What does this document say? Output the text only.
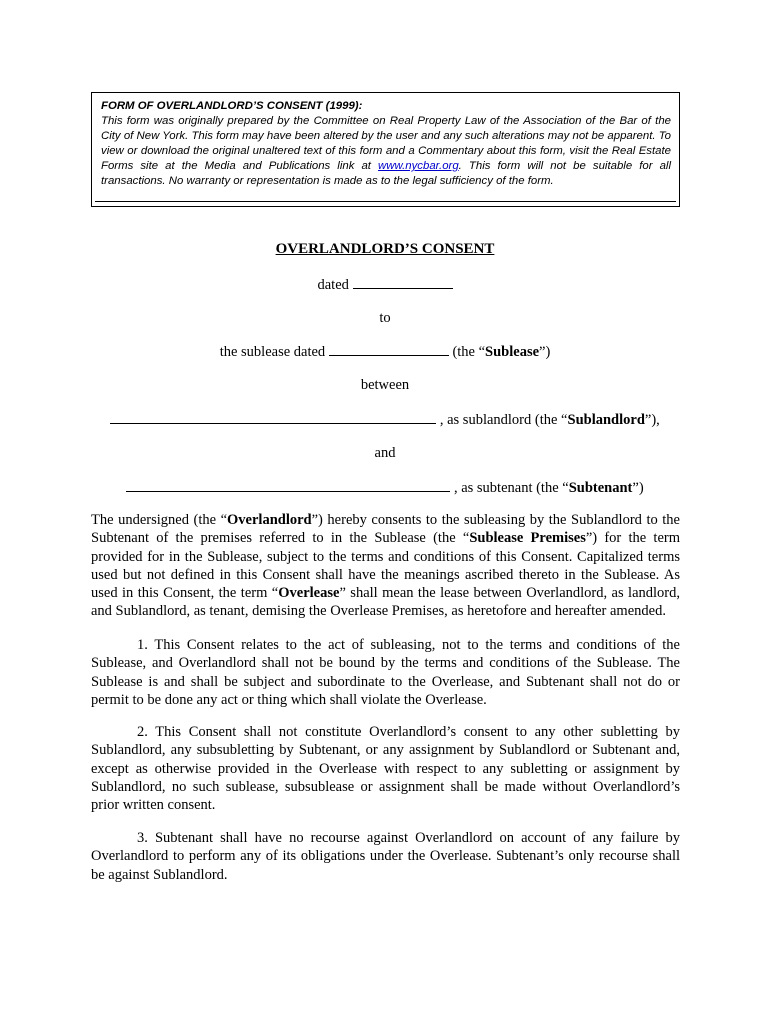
FORM OF OVERLANDLORD’S CONSENT (1999):
This form was originally prepared by the Committee on Real Property Law of the Association of the Bar of the City of New York. This form may have been altered by the user and any such alterations may not be apparent. To view or download the original unaltered text of this form and a Commentary about this form, visit the Real Estate Forms site at the Media and Publications link at www.nycbar.org. This form will not be suitable for all transactions. No warranty or representation is made as to the legal sufficiency of the form.
OVERLANDLORD’S CONSENT
dated
to
the sublease dated	(the “Sublease”)
between
, as sublandlord (the “Sublandlord”),
and
, as subtenant (the “Subtenant”)
The undersigned (the “Overlandlord”) hereby consents to the subleasing by the Sublandlord to the Subtenant of the premises referred to in the Sublease (the “Sublease Premises”) for the term provided for in the Sublease, subject to the terms and conditions of this Consent. Capitalized terms used but not defined in this Consent shall have the meanings ascribed thereto in the Sublease. As used in this Consent, the term “Overlease” shall mean the lease between Overlandlord, as landlord, and Sublandlord, as tenant, demising the Overlease Premises, as heretofore and hereafter amended.
1. This Consent relates to the act of subleasing, not to the terms and conditions of the Sublease, and Overlandlord shall not be bound by the terms and conditions of the Sublease. The Sublease is and shall be subject and subordinate to the Overlease, and Subtenant shall not do or permit to be done any act or thing which shall violate the Overlease.
2. This Consent shall not constitute Overlandlord’s consent to any other subletting by Sublandlord, any subsubletting by Subtenant, or any assignment by Sublandlord or Subtenant and, except as otherwise provided in the Overlease with respect to any subletting or assignment by Sublandlord, no such sublease, subsublease or assignment shall be made without Overlandlord’s prior written consent.
3. Subtenant shall have no recourse against Overlandlord on account of any failure by Overlandlord to perform any of its obligations under the Overlease. Subtenant’s only recourse shall be against Sublandlord.
